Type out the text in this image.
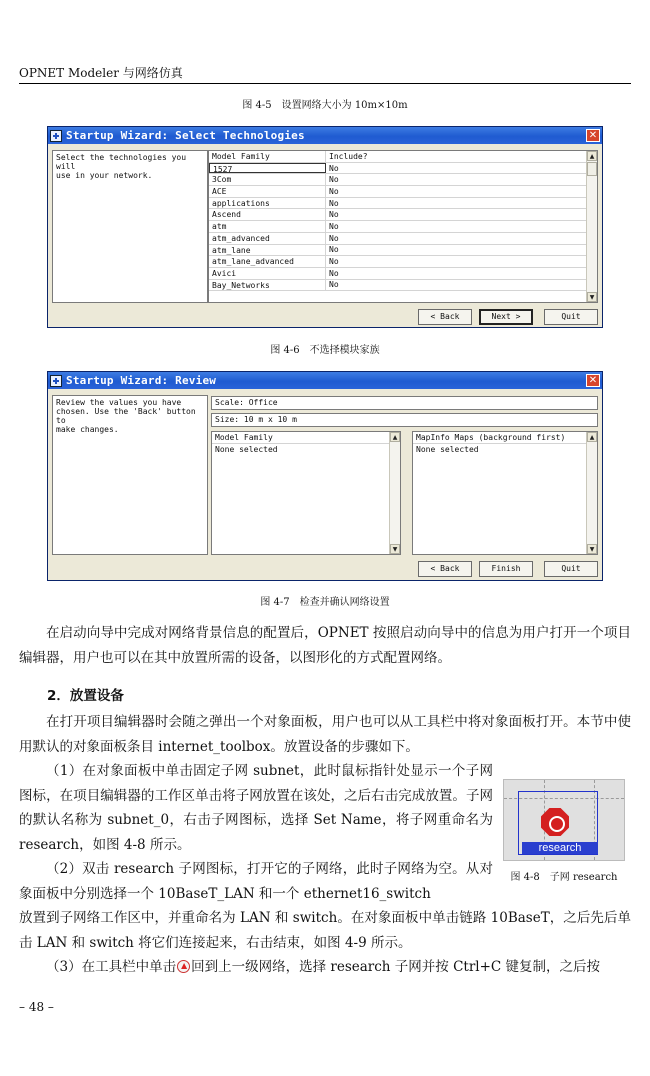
OPNET Modeler 与网络仿真
图 4-5　设置网络大小为 10m×10m
Startup Wizard: Select Technologies	✕
Select the technologies you will
use in your network.
Model Family	Include?
1527	No
3Com	No
ACE	No
applications	No
Ascend	No
atm	No
atm_advanced	No
atm_lane	No
atm_lane_advanced	No
Avici	No
Bay_Networks	No
▲
▼
< Back	Next >	Quit
图 4-6　不选择模块家族
Startup Wizard: Review	✕
Review the values you have
chosen. Use the 'Back' button to
make changes.
Scale: Office
Size: 10 m x 10 m
Model Family
None selected
▲
▼
MapInfo Maps (background first)
None selected
▲
▼
< Back	Finish	Quit
图 4-7　检查并确认网络设置
在启动向导中完成对网络背景信息的配置后，OPNET 按照启动向导中的信息为用户打开一个项目编辑器，用户也可以在其中放置所需的设备，以图形化的方式配置网络。
2．放置设备
在打开项目编辑器时会随之弹出一个对象面板，用户也可以从工具栏中将对象面板打开。本节中使用默认的对象面板条目 internet_toolbox。放置设备的步骤如下。
（1）在对象面板中单击固定子网 subnet，此时鼠标指针处显示一个子网图标，在项目编辑器的工作区单击将子网放置在该处，之后右击完成放置。子网的默认名称为 subnet_0，右击子网图标，选择 Set Name，将子网重命名为 research，如图 4-8 所示。
（2）双击 research 子网图标，打开它的子网络，此时子网络为空。从对象面板中分别选择一个 10BaseT_LAN 和一个 ethernet16_switch
放置到子网络工作区中，并重命名为 LAN 和 switch。在对象面板中单击链路 10BaseT，之后先后单击 LAN 和 switch 将它们连接起来，右击结束，如图 4-9 所示。
（3）在工具栏中单击 回到上一级网络，选择 research 子网并按 Ctrl+C 键复制，之后按
research
图 4-8　子网 research
– 48 –
